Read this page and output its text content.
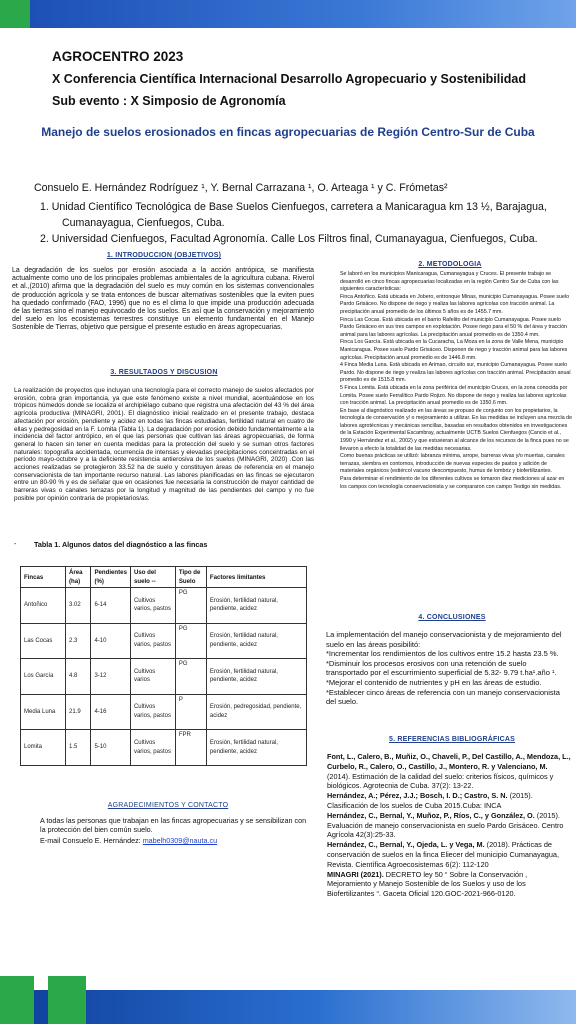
AGROCENTRO 2023
X Conferencia Científica Internacional Desarrollo Agropecuario y Sostenibilidad
Sub evento : X Simposio de Agronomía
Manejo de suelos erosionados en fincas agropecuarias de Región Centro-Sur de Cuba
Consuelo E. Hernández Rodríguez ¹, Y. Bernal Carrazana ¹, O. Arteaga ¹ y C. Frómetas²
1. Unidad Científico Tecnológica de Base Suelos Cienfuegos, carretera a Manicaragua km 13 ½, Barajagua, Cumanayagua, Cienfuegos, Cuba.
2. Universidad Cienfuegos, Facultad Agronomía. Calle Los Filtros final, Cumanayagua, Cienfuegos, Cuba.
1. INTRODUCCION (OBJETIVOS)

La degradación de los suelos por erosión asociada a la acción antrópica, se manifiesta actualmente como uno de los principales problemas ambientales de la agricultura cubana. Riverol et al.,(2010) afirma que la degradación del suelo es muy común en los sistemas convencionales de producción agrícola y se trata entonces de buscar alternativas sostenibles que la eviten pues ha quedado confirmado (FAO, 1996) que no es el clima lo que impide una producción adecuada de las tierras sino el manejo equivocado de los suelos. Es así que la conservación y mejoramiento del suelo en los ecosistemas terrestres constituye un elemento fundamental en el Manejo Sostenible de Tierras, objetivo que persigue el presente estudio en áreas agropecuarias.

3. RESULTADOS Y DISCUSION

La realización de proyectos que incluyan una tecnología para el correcto manejo de suelos afectados por erosión, cobra gran importancia, ya que este fenómeno existe a nivel mundial, acentuándose en los trópicos húmedos donde se localiza el archipiélago cubano que registra una afectación del 43 % del área agrícola productiva (MINAGRI, 2001). El diagnóstico inicial realizado en el presente trabajo, destaca afectación por erosión, pendiente y acidez en todas las fincas estudiadas, fertilidad natural en cuatro de ellas y pedregosidad en la F. Lomita (Tabla 1). La degradación por erosión debido fundamentalmente a la incidencia del factor antrópico, en el que las personas que cultivan las áreas agropecuarias, de forma general lo hacen sin tener en cuenta medidas para la protección del suelo y se suman otros factores naturales: topografía accidentada, ocurrencia de intensas y elevadas precipitaciones concentradas en el período mayo-octubre y a la deficiente resistencia antierosiva de los suelos (MINAGRI, 2020) .Con las acciones realizadas se protegieron 33.52 ha de suelo y constituyen áreas de referencia en el manejo conservacionista de tan importante recurso natural. Las labores planificadas en las fincas se ejecutaron entre un 80-90 % y es de señalar que en ocasiones fue necesaria la construcción de mayor cantidad de barreras vivas o canales terrazas por la longitud y magnitud de las pendientes del campo y no fue posible por opinión contraria de propietarios/as.

- Tabla 1. Algunos datos del diagnóstico a las fincas
Fincas	Área (ha)	Pendientes (%)	Uso del suelo --	Tipo de Suelo	Factores limitantes
Antoñico	3.02	6-14	Cultivos varios, pastos	PG	Erosión, fertilidad natural, pendiente, acidez
Las Cocas	2.3	4-10	Cultivos varios, pastos	PG	Erosión, fertilidad natural, pendiente, acidez
Los García	4.8	3-12	Cultivos varios	PG	Erosión, fertilidad natural, pendiente, acidez
Media Luna	21.9	4-16	Cultivos varios, pastos	P	Erosión, pedregosidad, pendiente, acidez
Lomita	1.5	5-10	Cultivos varios, pastos	FPR	Erosión, fertilidad natural, pendiente, acidez
AGRADECIMIENTOS Y CONTACTO

A todas las personas que trabajan en las fincas agropecuarias y se sensibilizan con la protección del bien común suelo.

E-mail Consuelo E. Hernández: mabelh0309@nauta.cu

2. METODOLOGIA

Se laboró en los municipios Manicaragua, Cumanayagua y Cruces. El presente trabajo se desarrolló en cinco fincas agropecuarias localizadas en la región Centro Sur de Cuba con las siguientes características:

Finca Antoñico. Está ubicada en Jobero, entronque Minas, municipio Cumanayagua. Posee suelo Pardo Grisáceo. No dispone de riego y realiza las labores agrícolas con tracción animal. La precipitación anual promedio de los últimos 5 años es de 1455.7 mm.

Finca Las Cocas. Está ubicada en el barrio Rafelito del municipio Cumanayagua. Posee suelo Pardo Grisáceo en sus tres campos en explotación. Posee riego para el 50 % del área y tracción animal para las labores agrícolas. La precipitación anual promedio es de 1350.4 mm.

Finca Los García. Está ubicada en la Cucaracha, La Moza en la zona de Valle Mena, municipio Manicaragua. Posee suelo Pardo Grisáceo. Disponen de riego y tracción animal para las labores agrícolas. Precipitación anual promedio es de 1446.8 mm.

4 Finca Media Luna. Está ubicada en Arimao, circuito sur, municipio Cumanayagua. Posee suelo Pardo. No dispone de riego y realiza las labores agrícolas con tracción animal. Precipitación anual promedio es de 1515.8 mm.

5 Finca Lomita. Está ubicada en la zona periférica del municipio Cruces, en la zona conocida por Lomita. Posee suelo Ferralítico Pardo Rojizo. No dispone de riego y realiza las labores agrícolas con tracción animal. La precipitación anual promedio es de 1350.6 mm.

En base al diagnóstico realizado en las áreas se propuso de conjunto con los propietarios, la tecnología de conservación y/ o mejoramiento a utilizar. En las medidas se incluyen una mezcla de labores agrotécnicas y mecánicas sencillas, basadas en resultados obtenidos en investigaciones de la Estación Experimental Escambray, actualmente UCTB Suelos Cienfuegos (Cancio et al., 1990 y Hernández et al., 2002) y que estuvieran al alcance de los recursos de la finca pues no se llevaron a efecto la totalidad de las medidas necesarias.

Como buenas prácticas se utilizó: labranza mínima, arrope, barreras vivas y/o muertas, canales terrazas, siembra en contornos, introducción de nuevas especies de pastos y adición de materiales orgánicos (estiércol vacuno descompuesto, humus de lombriz y biofertilizantes.

Para determinar el rendimiento de los diferentes cultivos se tomaron diez mediciones al azar en los campos con tecnología conservacionista y se compararon con campo Testigo sin medidas.

4. CONCLUSIONES

La implementación del manejo conservacionista y de mejoramiento del suelo en las áreas posibilitó:

*Incrementar los rendimientos de los cultivos entre 15.2 hasta 23.5 %.

*Disminuir los procesos erosivos con una retención de suelo transportado por el escurrimiento superficial de 5.32- 9.79 t.ha¹.año ¹.

*Mejorar el contenido de nutrientes y pH en las áreas de estudio.

*Establecer cinco áreas de referencia con un manejo conservacionista del suelo.

5. REFERENCIAS BIBLIOGRÁFICAS

Font, L., Calero, B., Muñiz, O., Chaveli, P., Del Castillo, A., Mendoza, L., Curbelo, R., Calero, O., Castillo, J., Montero, R. y Valenciano, M. (2014). Estimación de la calidad del suelo: criterios físicos, químicos y biológicos. Agrotecnia de Cuba. 37(2): 13-22.

Hernández, A.; Pérez, J.J.; Bosch, I. D.; Castro, S. N. (2015). Clasificación de los suelos de Cuba 2015.Cuba: INCA

Hernández, C., Bernal, Y., Muñoz, P., Ríos, C., y González, O. (2015). Evaluación de manejo conservacionista en suelo Pardo Grisáceo. Centro Agrícola 42(3):25-33.

Hernández, C., Bernal, Y., Ojeda, L. y Vega, M. (2018). Prácticas de conservación de suelos en la finca Eliecer del municipio Cumanayagua, Revista. Científica Agroecosistemas 6(2): 112-120

MINAGRI (2021). DECRETO ley 50 “ Sobre la Conservación , Mejoramiento y Manejo Sostenible de los Suelos y uso de los Biofertilizantes “. Gaceta Oficial 120.GOC-2021-966-0120.
